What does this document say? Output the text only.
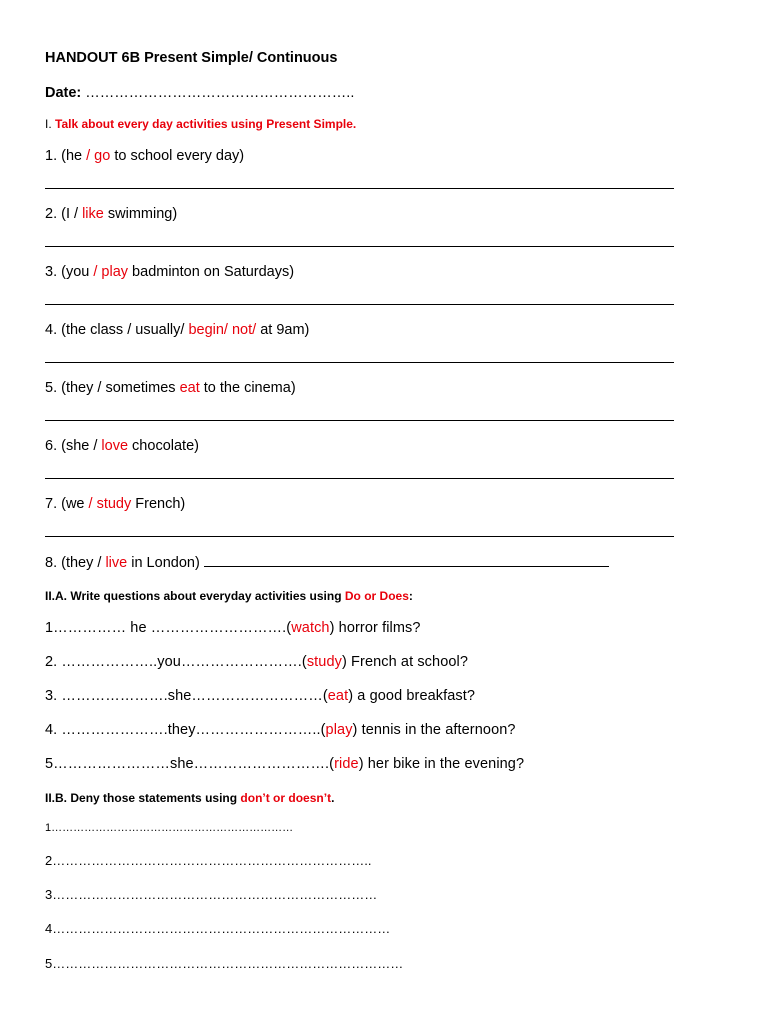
HANDOUT 6B Present Simple/ Continuous
Date: ………………………………………………..
I. Talk about every day activities using Present Simple.
1. (he / go to school every day)
2. (I / like swimming)
3. (you / play badminton on Saturdays)
4. (the class / usually/ begin/ not/ at 9am)
5. (they / sometimes eat to the cinema)
6. (she / love chocolate)
7. (we / study French)
8. (they / live in London)
II.A. Write questions about everyday activities using Do or Does:
1…………… he ……………………….(watch) horror films?
2. ………………..you…………………….(study) French at school?
3. ………………….she………………………(eat) a good breakfast?
4. ………………….they……………………..(play) tennis in the afternoon?
5……………………she……………………….(ride) her bike in the evening?
II.B. Deny those statements using don’t or doesn’t.
1…………………………………………………………
2………………………………………………………………..
3…………………………………………………………………
4……………………………………………………………………
5………………………………………………………………………
